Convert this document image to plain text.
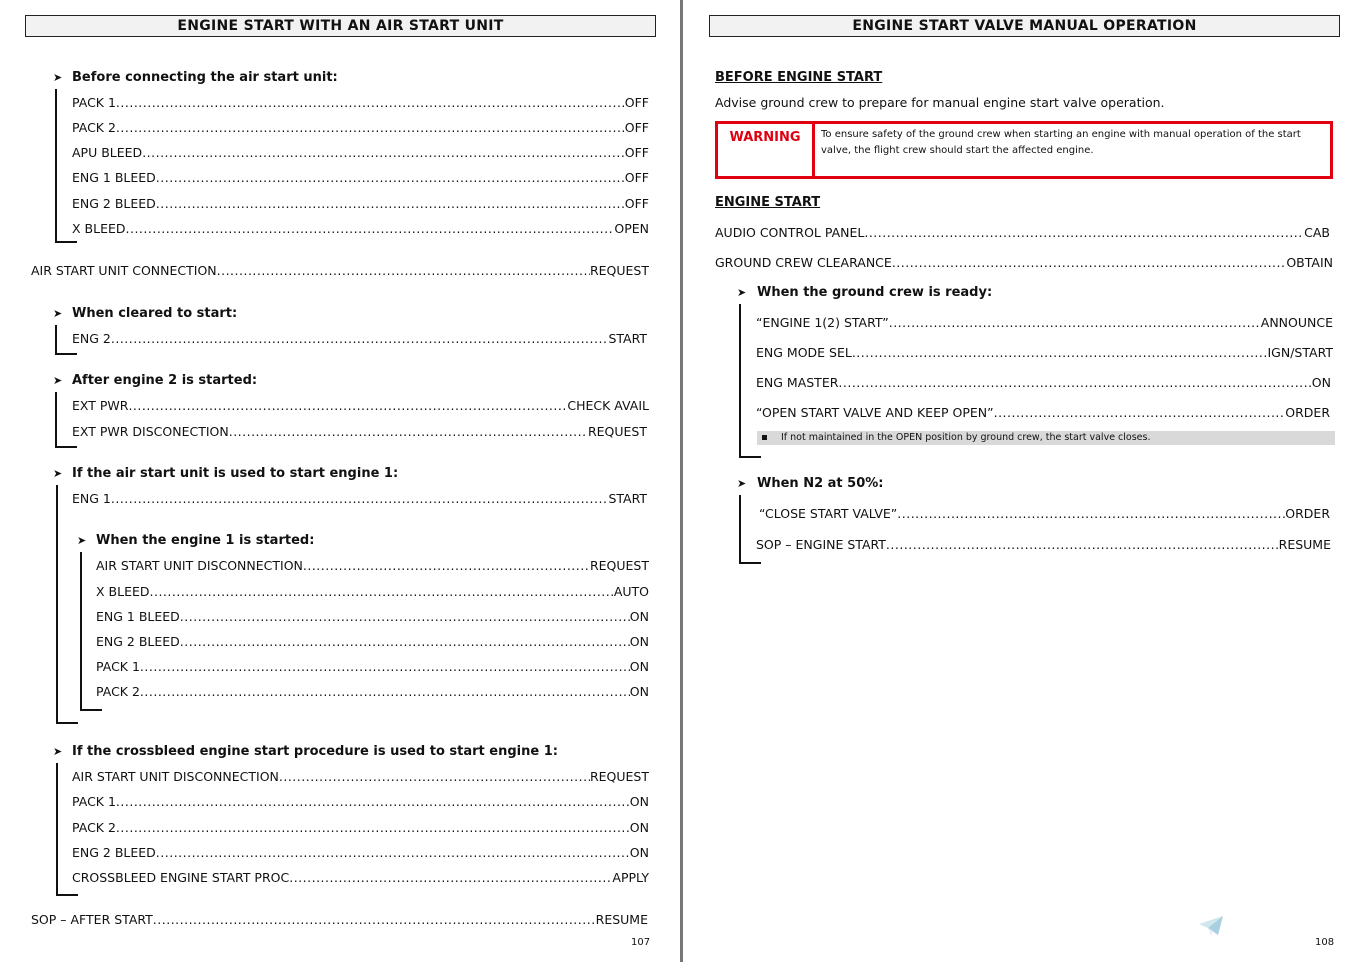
ENGINE START WITH AN AIR START UNIT
➤ Before connecting the air start unit:
PACK 1 .....	OFF
PACK 2 .....	OFF
APU BLEED .....	OFF
ENG 1 BLEED .....	OFF
ENG 2 BLEED .....	OFF
X BLEED .....	OPEN
AIR START UNIT CONNECTION .....	REQUEST
➤ When cleared to start:
ENG 2 .....	START
➤ After engine 2 is started:
EXT PWR .....	CHECK AVAIL
EXT PWR DISCONECTION .....	REQUEST
➤ If the air start unit is used to start engine 1:
ENG 1 .....	START
➤ When the engine 1 is started:
AIR START UNIT DISCONNECTION .....	REQUEST
X BLEED .....	AUTO
ENG 1 BLEED .....	ON
ENG 2 BLEED .....	ON
PACK 1 .....	ON
PACK 2 .....	ON
➤ If the crossbleed engine start procedure is used to start engine 1:
AIR START UNIT DISCONNECTION .....	REQUEST
PACK 1 .....	ON
PACK 2 .....	ON
ENG 2 BLEED .....	ON
CROSSBLEED ENGINE START PROC .....	APPLY
SOP – AFTER START .....	RESUME
107
ENGINE START VALVE MANUAL OPERATION
BEFORE ENGINE START
Advise ground crew to prepare for manual engine start valve operation.
WARNING	To ensure safety of the ground crew when starting an engine with manual operation of the start valve, the flight crew should start the affected engine.
ENGINE START
AUDIO CONTROL PANEL .....	CAB
GROUND CREW CLEARANCE .....	OBTAIN
➤ When the ground crew is ready:
“ENGINE 1(2) START” .....	ANNOUNCE
ENG MODE SEL .....	IGN/START
ENG MASTER .....	ON
“OPEN START VALVE AND KEEP OPEN” .....	ORDER
If not maintained in the OPEN position by ground crew, the start valve closes.
➤ When N2 at 50%:
“CLOSE START VALVE” .....	ORDER
SOP – ENGINE START .....	RESUME
108
